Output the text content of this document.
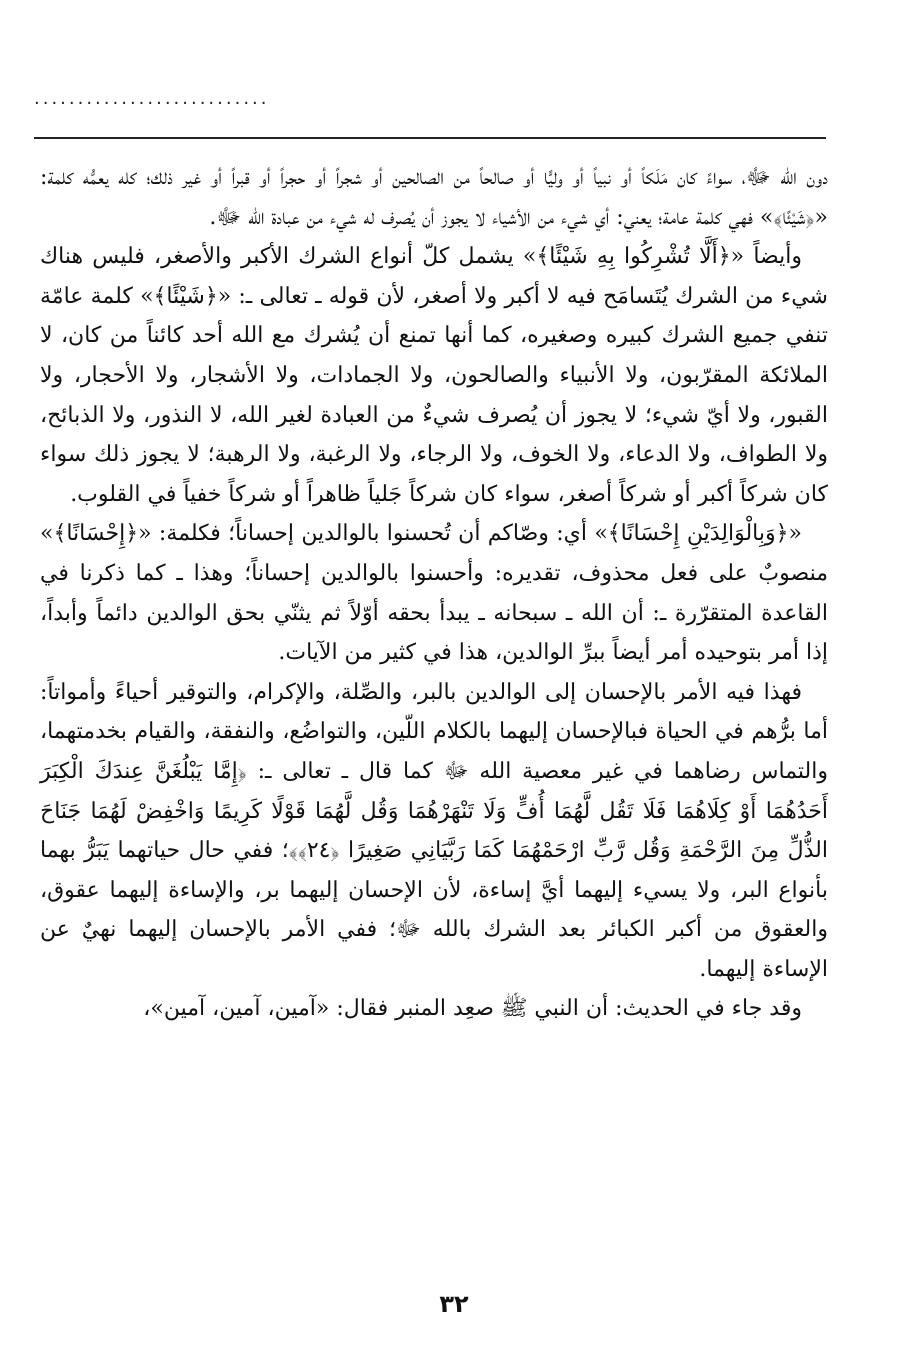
...........................

دون الله ﷻ، سواءً كان مَلَكاً أو نبياً أو وليًّا أو صالحاً من الصالحين أو شجراً أو حجراً أو قبراً أو غير ذلك؛ كله يعمُّه كلمة: «﴿شَيْئًا﴾» فهي كلمة عامة؛ يعني: أي شيء من الأشياء لا يجوز أن يُصرف له شيء من عبادة الله ﷻ.

وأيضاً «﴿أَلَّا تُشْرِكُوا بِهِ شَيْئًا﴾» يشمل كلّ أنواع الشرك الأكبر والأصغر، فليس هناك شيء من الشرك يُتَسامَح فيه لا أكبر ولا أصغر، لأن قوله ـ تعالى ـ: «﴿شَيْئًا﴾» كلمة عامّة تنفي جميع الشرك كبيره وصغيره، كما أنها تمنع أن يُشرك مع الله أحد كائناً من كان، لا الملائكة المقرّبون، ولا الأنبياء والصالحون، ولا الجمادات، ولا الأشجار، ولا الأحجار، ولا القبور، ولا أيّ شيء؛ لا يجوز أن يُصرف شيءٌ من العبادة لغير الله، لا النذور، ولا الذبائح، ولا الطواف، ولا الدعاء، ولا الخوف، ولا الرجاء، ولا الرغبة، ولا الرهبة؛ لا يجوز ذلك سواء كان شركاً أكبر أو شركاً أصغر، سواء كان شركاً جَلياً ظاهراً أو شركاً خفياً في القلوب.

«﴿وَبِالْوَالِدَيْنِ إِحْسَانًا﴾» أي: وصّاكم أن تُحسنوا بالوالدين إحساناً؛ فكلمة: «﴿إِحْسَانًا﴾» منصوبٌ على فعل محذوف، تقديره: وأحسنوا بالوالدين إحساناً؛ وهذا ـ كما ذكرنا في القاعدة المتقرّرة ـ: أن الله ـ سبحانه ـ يبدأ بحقه أوّلاً ثم يثنّي بحق الوالدين دائماً وأبداً، إذا أمر بتوحيده أمر أيضاً ببرِّ الوالدين، هذا في كثير من الآيات.

فهذا فيه الأمر بالإحسان إلى الوالدين بالبر، والصِّلة، والإكرام، والتوقير أحياءً وأمواتاً: أما برُّهم في الحياة فبالإحسان إليهما بالكلام اللّين، والتواضُع، والنفقة، والقيام بخدمتهما، والتماس رضاهما في غير معصية الله ﷻ كما قال ـ تعالى ـ: ﴿إِمَّا يَبْلُغَنَّ عِندَكَ الْكِبَرَ أَحَدُهُمَا أَوْ كِلَاهُمَا فَلَا تَقُل لَّهُمَا أُفٍّ وَلَا تَنْهَرْهُمَا وَقُل لَّهُمَا قَوْلًا كَرِيمًا وَاخْفِضْ لَهُمَا جَنَاحَ الذُّلِّ مِنَ الرَّحْمَةِ وَقُل رَّبِّ ارْحَمْهُمَا كَمَا رَبَّيَانِي صَغِيرًا ﴿٢٤﴾﴾؛ ففي حال حياتهما يَبَرُّ بهما بأنواع البر، ولا يسيء إليهما أيَّ إساءة، لأن الإحسان إليهما بر، والإساءة إليهما عقوق، والعقوق من أكبر الكبائر بعد الشرك بالله ﷻ؛ ففي الأمر بالإحسان إليهما نهيٌ عن الإساءة إليهما.

وقد جاء في الحديث: أن النبي ﷺ صعِد المنبر فقال: «آمين، آمين، آمين»،

٣٢
